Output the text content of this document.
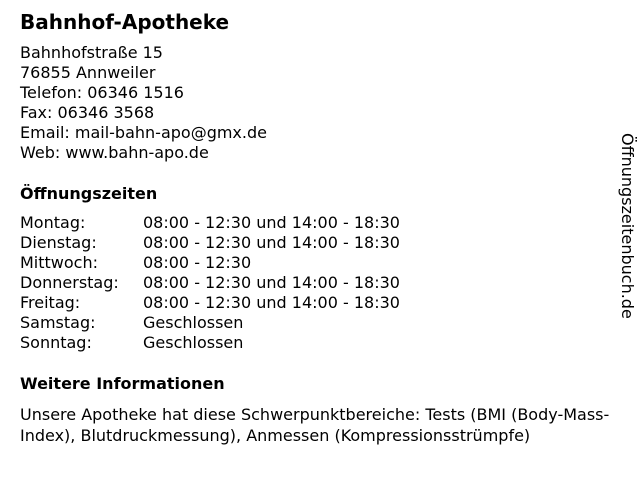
Bahnhof-Apotheke
Bahnhofstraße 15
76855 Annweiler
Telefon: 06346 1516
Fax: 06346 3568
Email: mail-bahn-apo@gmx.de
Web: www.bahn-apo.de
Öffnungszeiten
Montag:	08:00 - 12:30 und 14:00 - 18:30
Dienstag:	08:00 - 12:30 und 14:00 - 18:30
Mittwoch:	08:00 - 12:30
Donnerstag: 08:00 - 12:30 und 14:00 - 18:30
Freitag:	08:00 - 12:30 und 14:00 - 18:30
Samstag:	Geschlossen
Sonntag:	Geschlossen
Weitere Informationen
Unsere Apotheke hat diese Schwerpunktbereiche: Tests (BMI (Body-Mass-Index), Blutdruckmessung), Anmessen (Kompressionsstrümpfe)
Öffnungszeitenbuch.de
